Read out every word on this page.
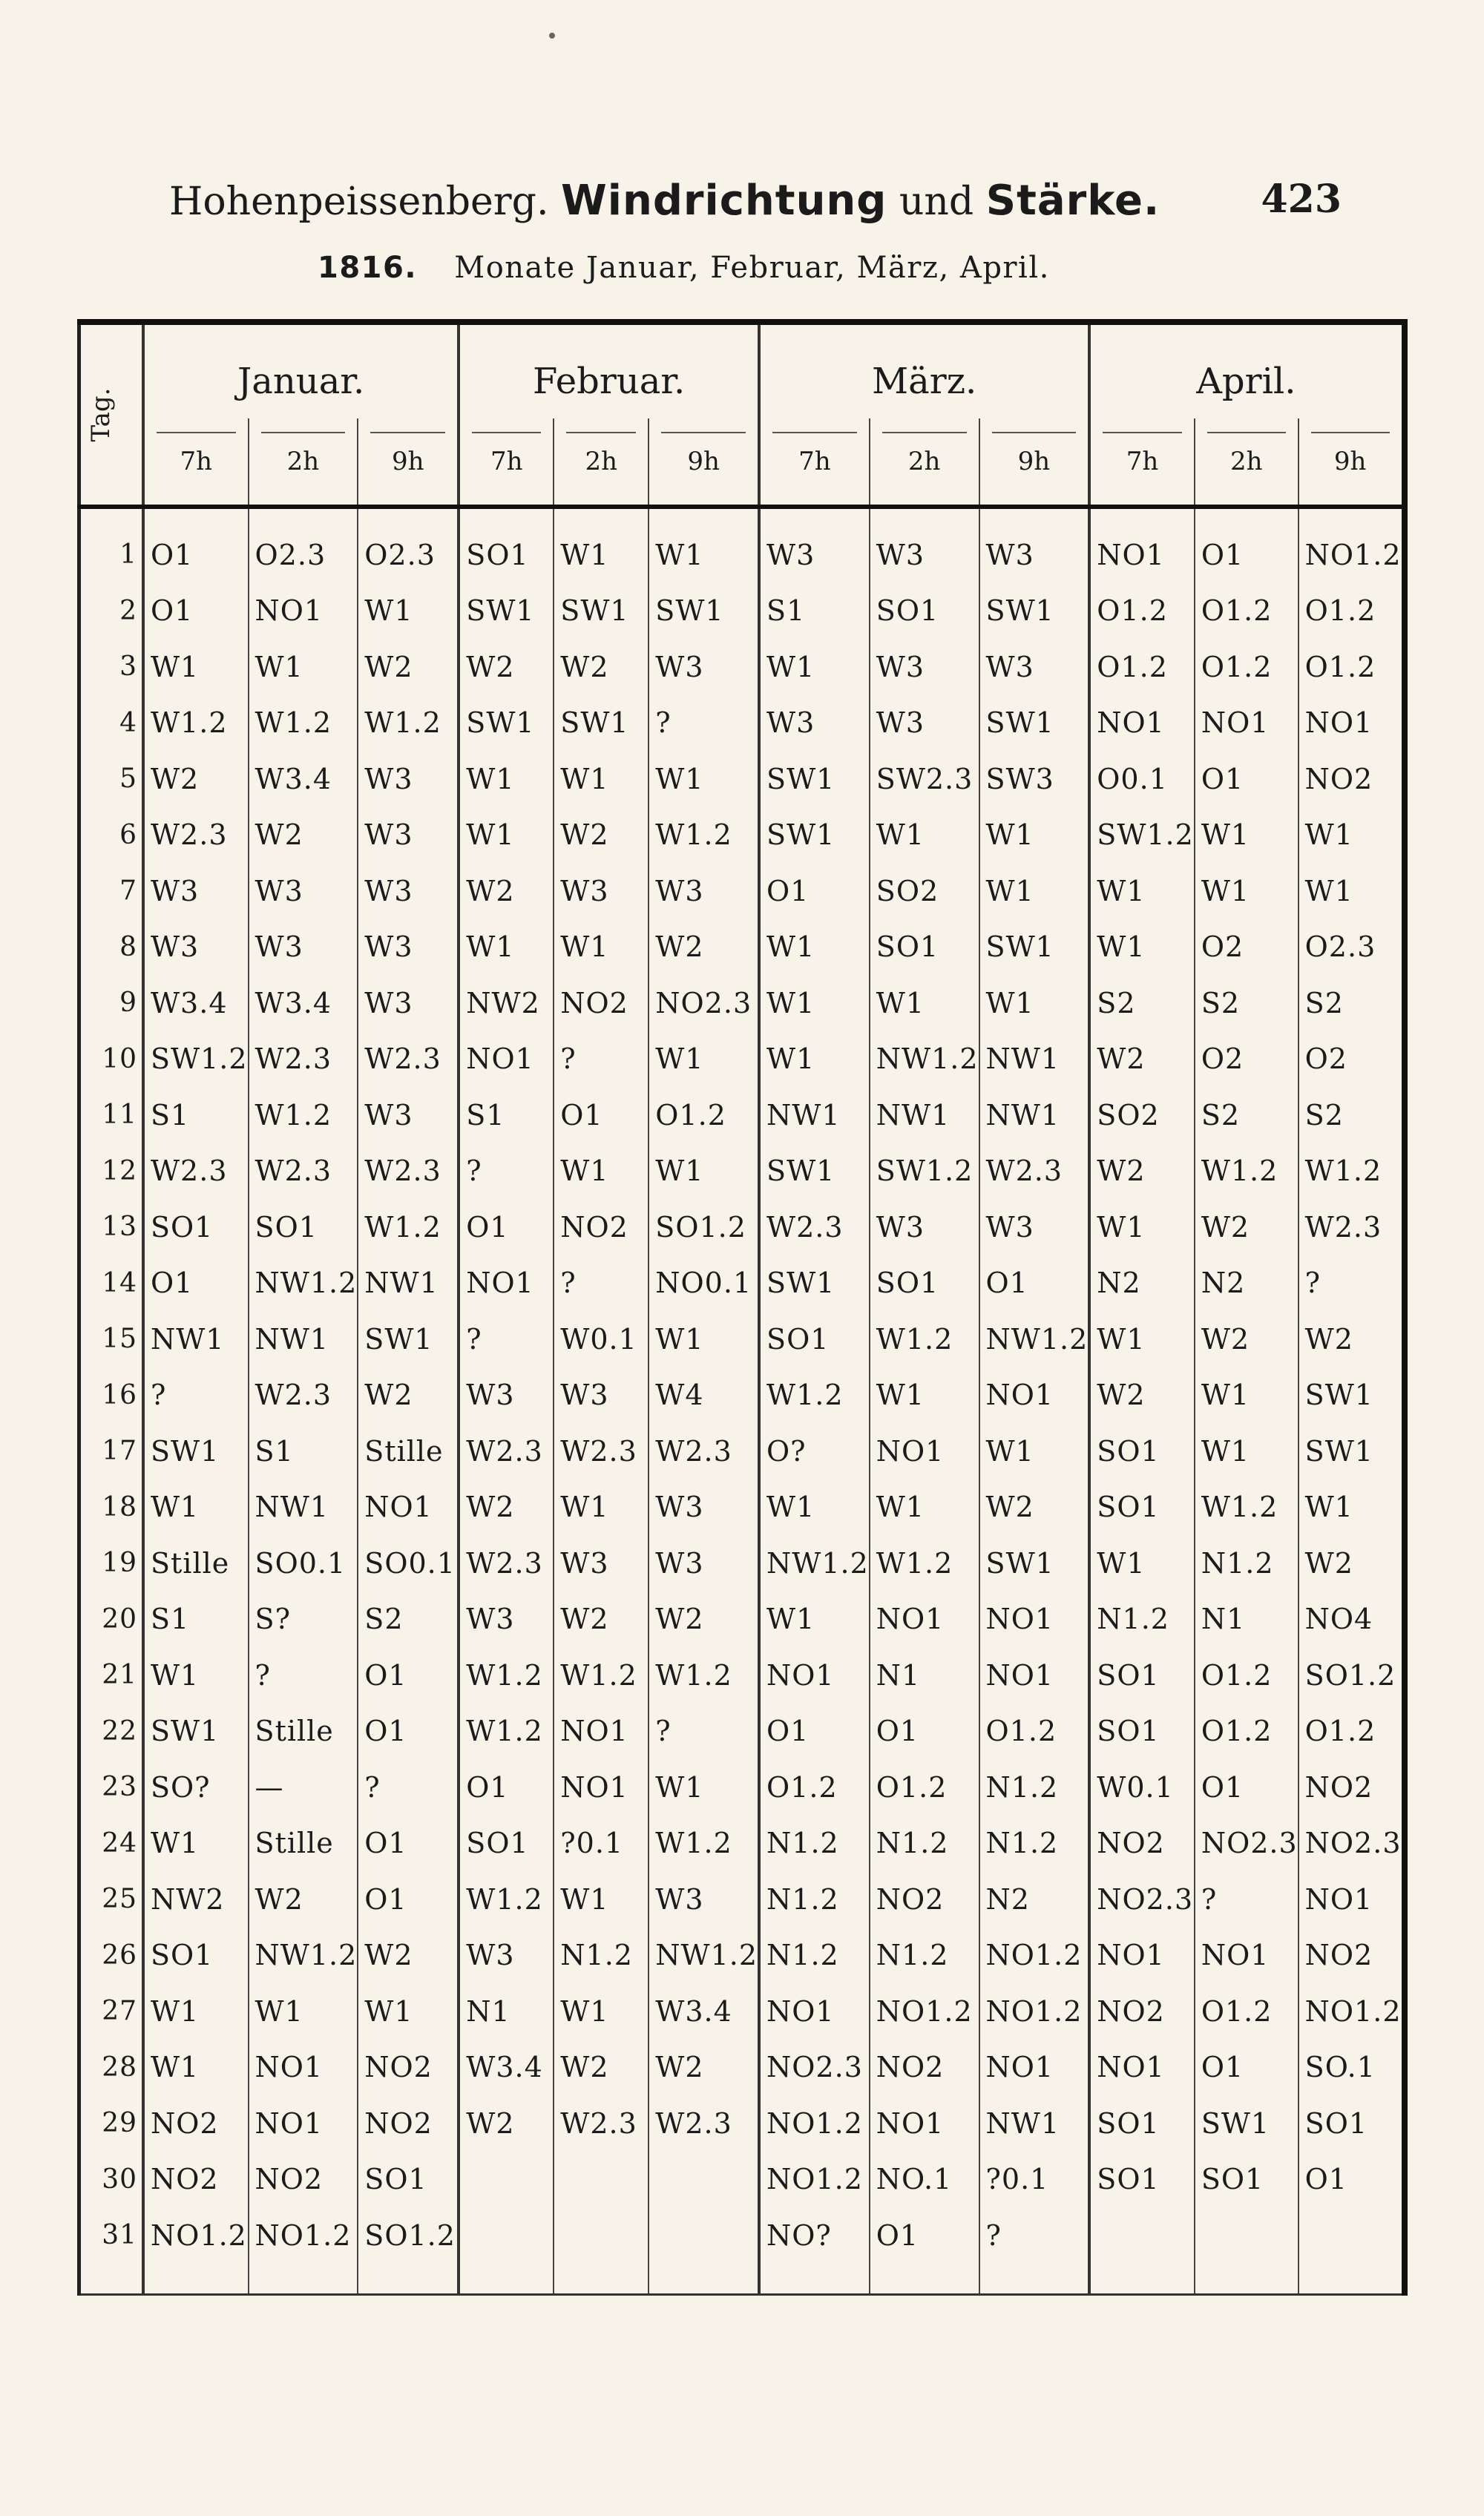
Hohenpeissenberg. Windrichtung und Stärke.	423
1816. Monate Januar, Februar, März, April.
Tag.	Januar.			Februar.			März.			April.		

	7h	2h	9h	7h	2h	9h	7h	2h	9h	7h	2h	9h

1	O1	O2.3	O2.3	SO1	W1	W1	W3	W3	W3	NO1	O1	NO1.2
2	O1	NO1	W1	SW1	SW1	SW1	S1	SO1	SW1	O1.2	O1.2	O1.2
3	W1	W1	W2	W2	W2	W3	W1	W3	W3	O1.2	O1.2	O1.2
4	W1.2	W1.2	W1.2	SW1	SW1	?	W3	W3	SW1	NO1	NO1	NO1
5	W2	W3.4	W3	W1	W1	W1	SW1	SW2.3	SW3	O0.1	O1	NO2
6	W2.3	W2	W3	W1	W2	W1.2	SW1	W1	W1	SW1.2	W1	W1
7	W3	W3	W3	W2	W3	W3	O1	SO2	W1	W1	W1	W1
8	W3	W3	W3	W1	W1	W2	W1	SO1	SW1	W1	O2	O2.3
9	W3.4	W3.4	W3	NW2	NO2	NO2.3	W1	W1	W1	S2	S2	S2
10	SW1.2	W2.3	W2.3	NO1	?	W1	W1	NW1.2	NW1	W2	O2	O2
11	S1	W1.2	W3	S1	O1	O1.2	NW1	NW1	NW1	SO2	S2	S2
12	W2.3	W2.3	W2.3	?	W1	W1	SW1	SW1.2	W2.3	W2	W1.2	W1.2
13	SO1	SO1	W1.2	O1	NO2	SO1.2	W2.3	W3	W3	W1	W2	W2.3
14	O1	NW1.2	NW1	NO1	?	NO0.1	SW1	SO1	O1	N2	N2	?
15	NW1	NW1	SW1	?	W0.1	W1	SO1	W1.2	NW1.2	W1	W2	W2
16	?	W2.3	W2	W3	W3	W4	W1.2	W1	NO1	W2	W1	SW1
17	SW1	S1	Stille	W2.3	W2.3	W2.3	O?	NO1	W1	SO1	W1	SW1
18	W1	NW1	NO1	W2	W1	W3	W1	W1	W2	SO1	W1.2	W1
19	Stille	SO0.1	SO0.1	W2.3	W3	W3	NW1.2	W1.2	SW1	W1	N1.2	W2
20	S1	S?	S2	W3	W2	W2	W1	NO1	NO1	N1.2	N1	NO4
21	W1	?	O1	W1.2	W1.2	W1.2	NO1	N1	NO1	SO1	O1.2	SO1.2
22	SW1	Stille	O1	W1.2	NO1	?	O1	O1	O1.2	SO1	O1.2	O1.2
23	SO?	—	?	O1	NO1	W1	O1.2	O1.2	N1.2	W0.1	O1	NO2
24	W1	Stille	O1	SO1	?0.1	W1.2	N1.2	N1.2	N1.2	NO2	NO2.3	NO2.3
25	NW2	W2	O1	W1.2	W1	W3	N1.2	NO2	N2	NO2.3	?	NO1
26	SO1	NW1.2	W2	W3	N1.2	NW1.2	N1.2	N1.2	NO1.2	NO1	NO1	NO2
27	W1	W1	W1	N1	W1	W3.4	NO1	NO1.2	NO1.2	NO2	O1.2	NO1.2
28	W1	NO1	NO2	W3.4	W2	W2	NO2.3	NO2	NO1	NO1	O1	SO.1
29	NO2	NO1	NO2	W2	W2.3	W2.3	NO1.2	NO1	NW1	SO1	SW1	SO1
30	NO2	NO2	SO1				NO1.2	NO.1	?0.1	SO1	SO1	O1
31	NO1.2	NO1.2	SO1.2				NO?	O1	?			
